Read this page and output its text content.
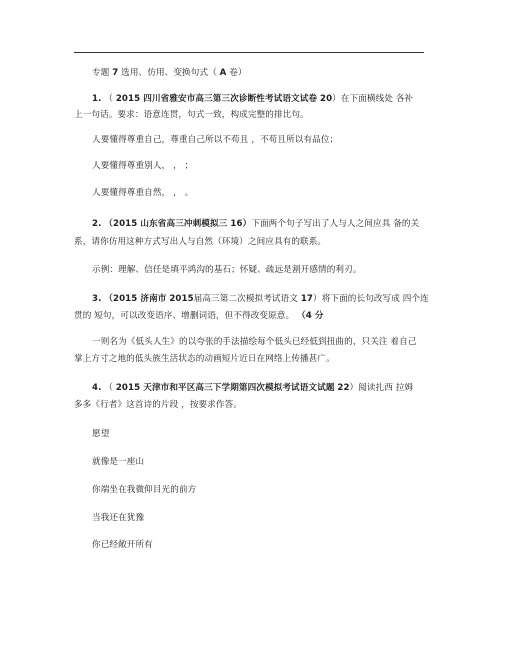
专题 7 选用、仿用、变换句式（ A 卷）
1. （ 2015 四川省雅安市高三第三次诊断性考试语文试卷 20）在下面横线处 各补
上一句话。要求：语意连贯，句式一致，构成完整的排比句。
人要懂得尊重自己，尊重自己所以不苟且 ，不苟且所以有品位；
人要懂得尊重别人， ， ；
人要懂得尊重自然， ， 。
2. （2015 山东省高三冲刺模拟三 16）下面两个句子写出了人与人之间应具 备的关
系，请你仿用这种方式写出人与自然（环境）之间应具有的联系。
示例：理解、信任是填平鸿沟的基石；怀疑、疏远是割开感情的利刃。
3. （2015 济南市 2015届高三第二次模拟考试语文 17）将下面的长句改写成 四个连
贯的 短句，可以改变语序、增删词语，但不得改变原意。 （4 分
一则名为《低头人生》的以夸张的手法描绘每个低头已经低到扭曲的，只关注 着自己
掌上方寸之地的低头族生活状态的动画短片近日在网络上传播甚广。
4. （ 2015 天津市和平区高三下学期第四次模拟考试语文试题 22）阅读扎西 拉姆
多多《行者》这首诗的片段 ，按要求作答。
愿望
就像是一座山
你端坐在我微仰目光的前方
当我还在犹豫
你已经敞开所有
